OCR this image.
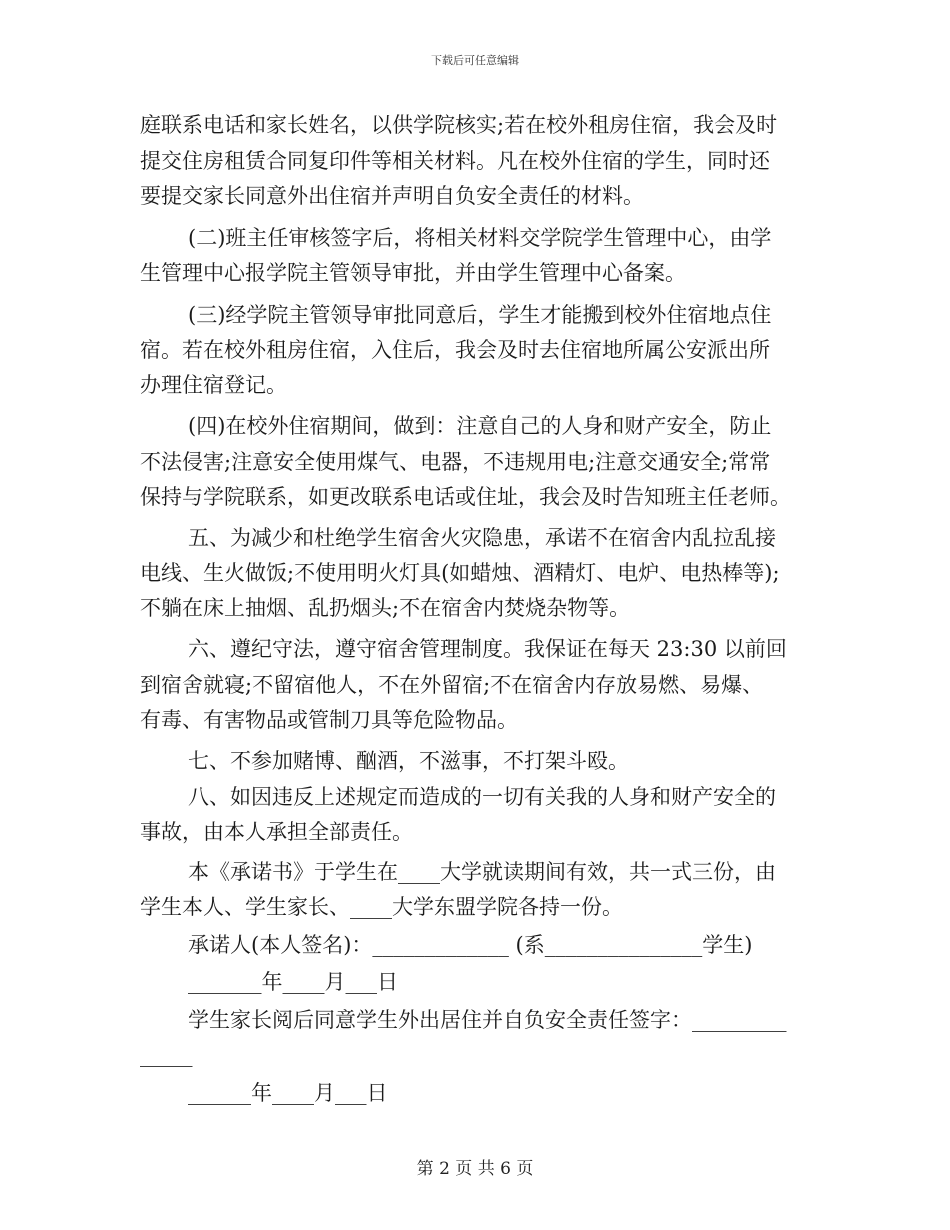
下载后可任意编辑
庭联系电话和家长姓名，以供学院核实;若在校外租房住宿，我会及时
提交住房租赁合同复印件等相关材料。凡在校外住宿的学生，同时还
要提交家长同意外出住宿并声明自负安全责任的材料。
(二)班主任审核签字后，将相关材料交学院学生管理中心，由学
生管理中心报学院主管领导审批，并由学生管理中心备案。
(三)经学院主管领导审批同意后，学生才能搬到校外住宿地点住
宿。若在校外租房住宿，入住后，我会及时去住宿地所属公安派出所
办理住宿登记。
(四)在校外住宿期间，做到：注意自己的人身和财产安全，防止
不法侵害;注意安全使用煤气、电器，不违规用电;注意交通安全;常常
保持与学院联系，如更改联系电话或住址，我会及时告知班主任老师。
五、为减少和杜绝学生宿舍火灾隐患，承诺不在宿舍内乱拉乱接
电线、生火做饭;不使用明火灯具(如蜡烛、酒精灯、电炉、电热棒等);
不躺在床上抽烟、乱扔烟头;不在宿舍内焚烧杂物等。
六、遵纪守法，遵守宿舍管理制度。我保证在每天 23:30 以前回
到宿舍就寝;不留宿他人，不在外留宿;不在宿舍内存放易燃、易爆、
有毒、有害物品或管制刀具等危险物品。
七、不参加赌博、酗酒，不滋事，不打架斗殴。
八、如因违反上述规定而造成的一切有关我的人身和财产安全的
事故，由本人承担全部责任。
本《承诺书》于学生在____大学就读期间有效，共一式三份，由
学生本人、学生家长、____大学东盟学院各持一份。
承诺人(本人签名)：_____________ (系_______________学生)
_______年____月___日
学生家长阅后同意学生外出居住并自负安全责任签字：_________
_____
______年____月___日
第 2 页 共 6 页
